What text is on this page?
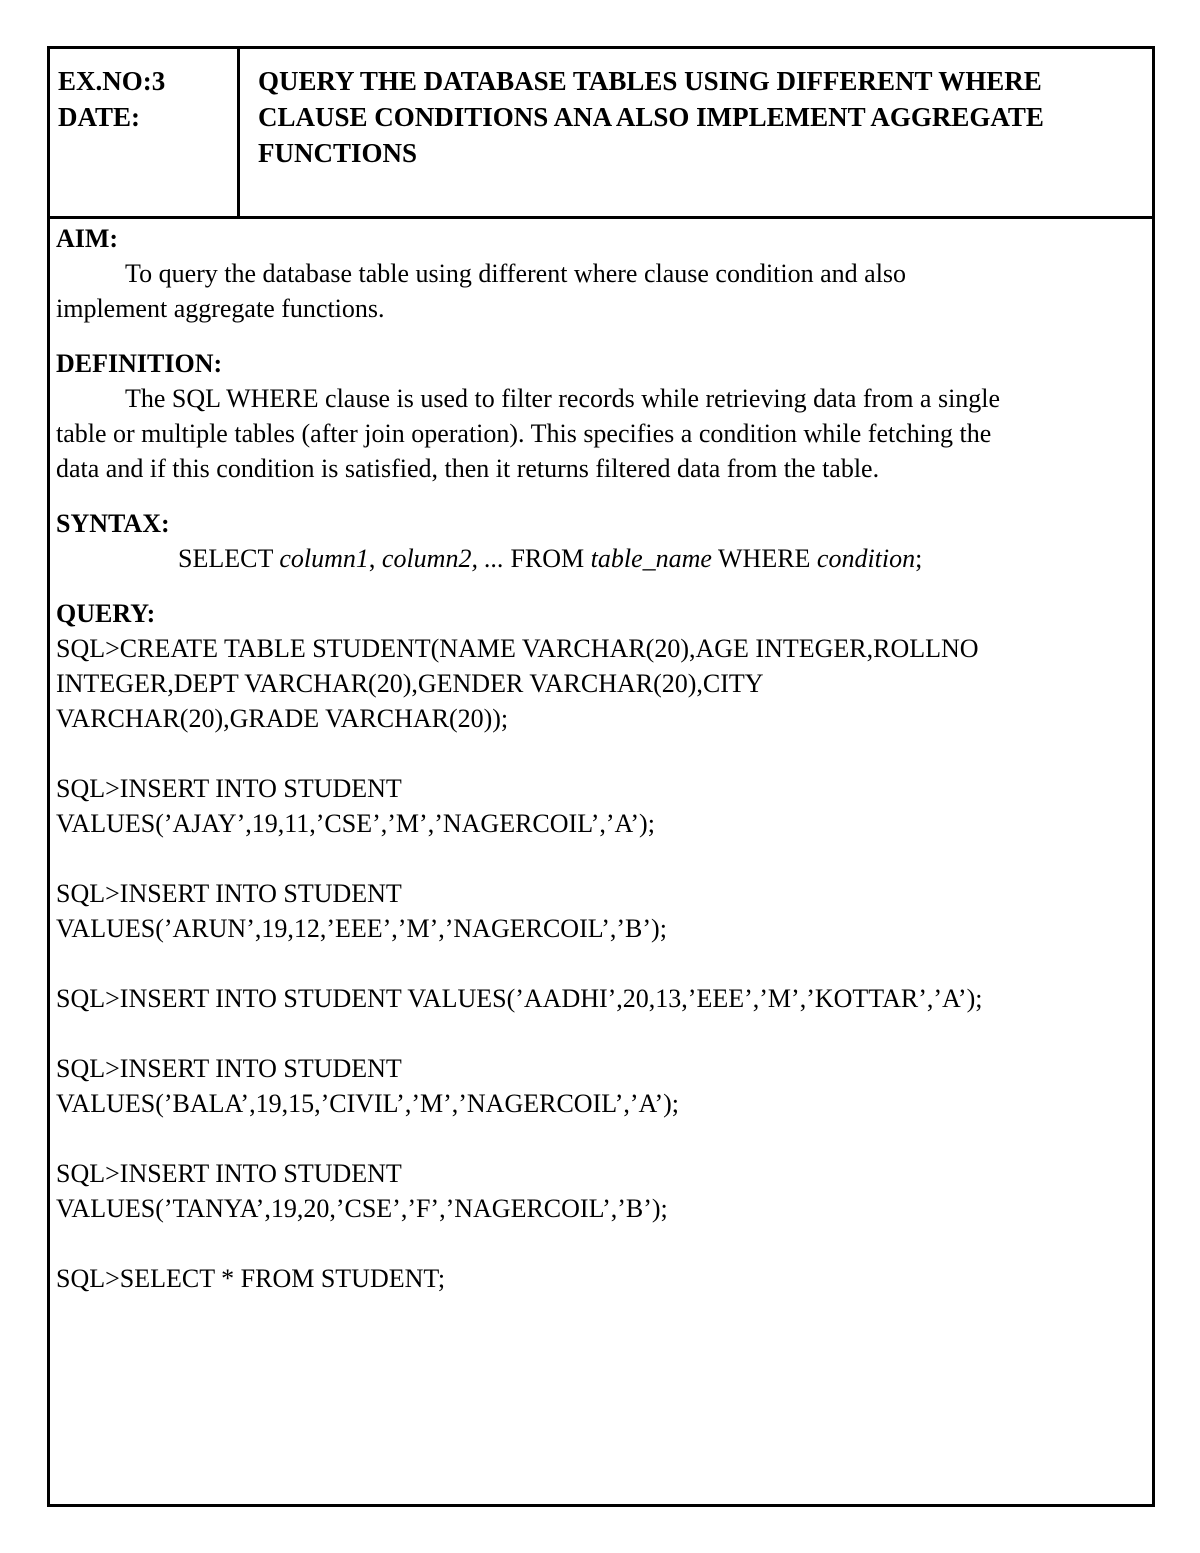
EX.NO:3
DATE:
QUERY THE DATABASE TABLES USING DIFFERENT WHERE
CLAUSE CONDITIONS ANA ALSO IMPLEMENT AGGREGATE
FUNCTIONS
AIM:
To query the database table using different where clause condition and also
implement aggregate functions.
DEFINITION:
The SQL WHERE clause is used to filter records while retrieving data from a single
table or multiple tables (after join operation). This specifies a condition while fetching the
data and if this condition is satisfied, then it returns filtered data from the table.
SYNTAX:
SELECT column1, column2, ... FROM table_name WHERE condition;
QUERY:
SQL>CREATE TABLE STUDENT(NAME VARCHAR(20),AGE INTEGER,ROLLNO
INTEGER,DEPT VARCHAR(20),GENDER VARCHAR(20),CITY
VARCHAR(20),GRADE VARCHAR(20));
SQL>INSERT INTO STUDENT
VALUES(’AJAY’,19,11,’CSE’,’M’,’NAGERCOIL’,’A’);
SQL>INSERT INTO STUDENT
VALUES(’ARUN’,19,12,’EEE’,’M’,’NAGERCOIL’,’B’);
SQL>INSERT INTO STUDENT VALUES(’AADHI’,20,13,’EEE’,’M’,’KOTTAR’,’A’);
SQL>INSERT INTO STUDENT
VALUES(’BALA’,19,15,’CIVIL’,’M’,’NAGERCOIL’,’A’);
SQL>INSERT INTO STUDENT
VALUES(’TANYA’,19,20,’CSE’,’F’,’NAGERCOIL’,’B’);
SQL>SELECT * FROM STUDENT;
